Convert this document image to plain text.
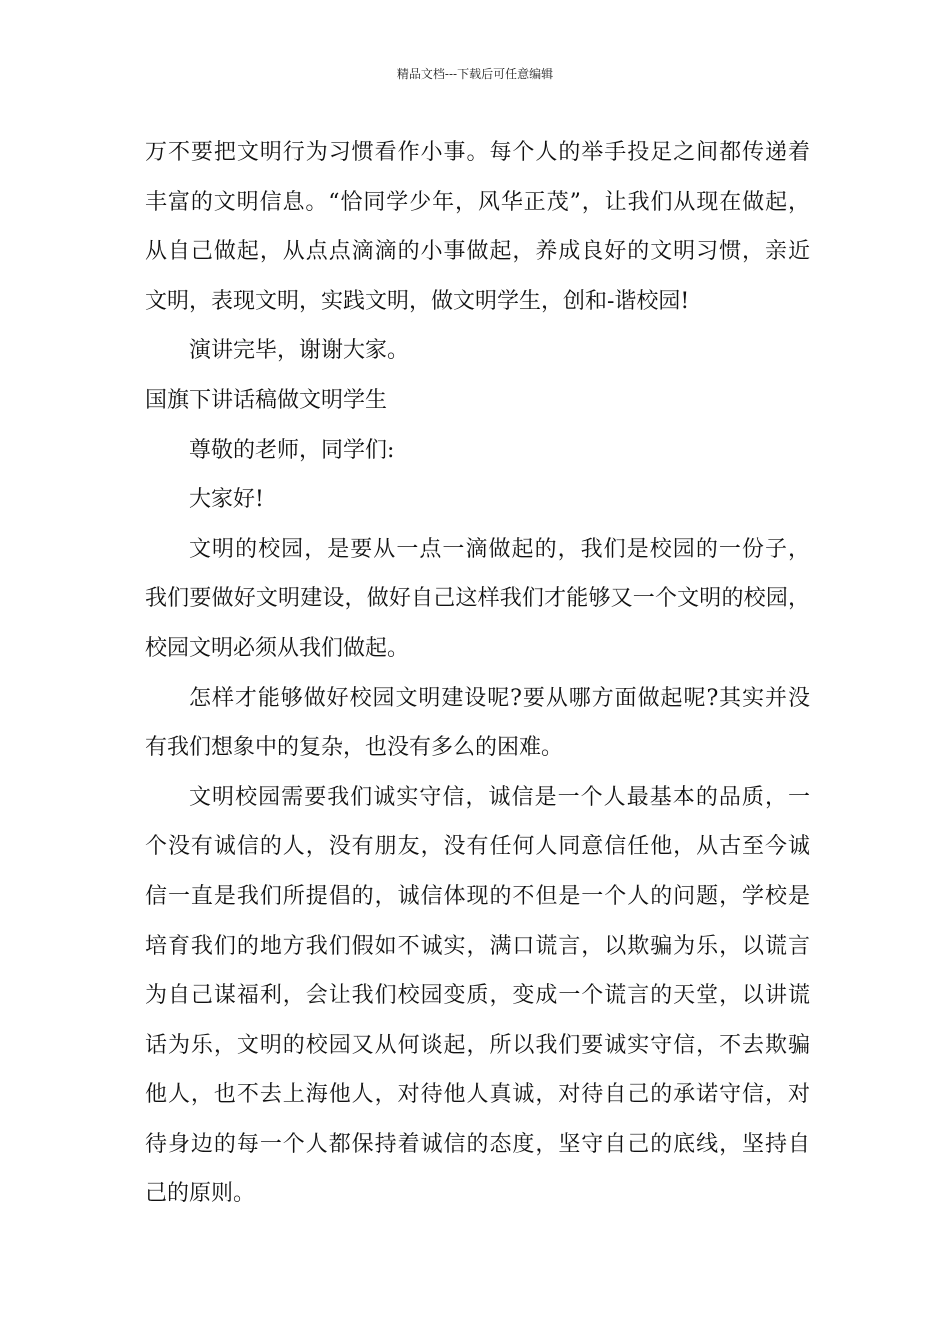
精品文档---下载后可任意编辑
万不要把文明行为习惯看作小事。每个人的举手投足之间都传递着
丰富的文明信息。“恰同学少年，风华正茂”，让我们从现在做起，
从自己做起，从点点滴滴的小事做起，养成良好的文明习惯，亲近
文明，表现文明，实践文明，做文明学生，创和-谐校园!
演讲完毕，谢谢大家。
国旗下讲话稿做文明学生
尊敬的老师，同学们:
大家好!
文明的校园，是要从一点一滴做起的，我们是校园的一份子，
我们要做好文明建设，做好自己这样我们才能够又一个文明的校园，
校园文明必须从我们做起。
怎样才能够做好校园文明建设呢?要从哪方面做起呢?其实并没
有我们想象中的复杂，也没有多么的困难。
文明校园需要我们诚实守信，诚信是一个人最基本的品质，一
个没有诚信的人，没有朋友，没有任何人同意信任他，从古至今诚
信一直是我们所提倡的，诚信体现的不但是一个人的问题，学校是
培育我们的地方我们假如不诚实，满口谎言，以欺骗为乐，以谎言
为自己谋福利，会让我们校园变质，变成一个谎言的天堂，以讲谎
话为乐，文明的校园又从何谈起，所以我们要诚实守信，不去欺骗
他人，也不去上海他人，对待他人真诚，对待自己的承诺守信，对
待身边的每一个人都保持着诚信的态度，坚守自己的底线，坚持自
己的原则。
